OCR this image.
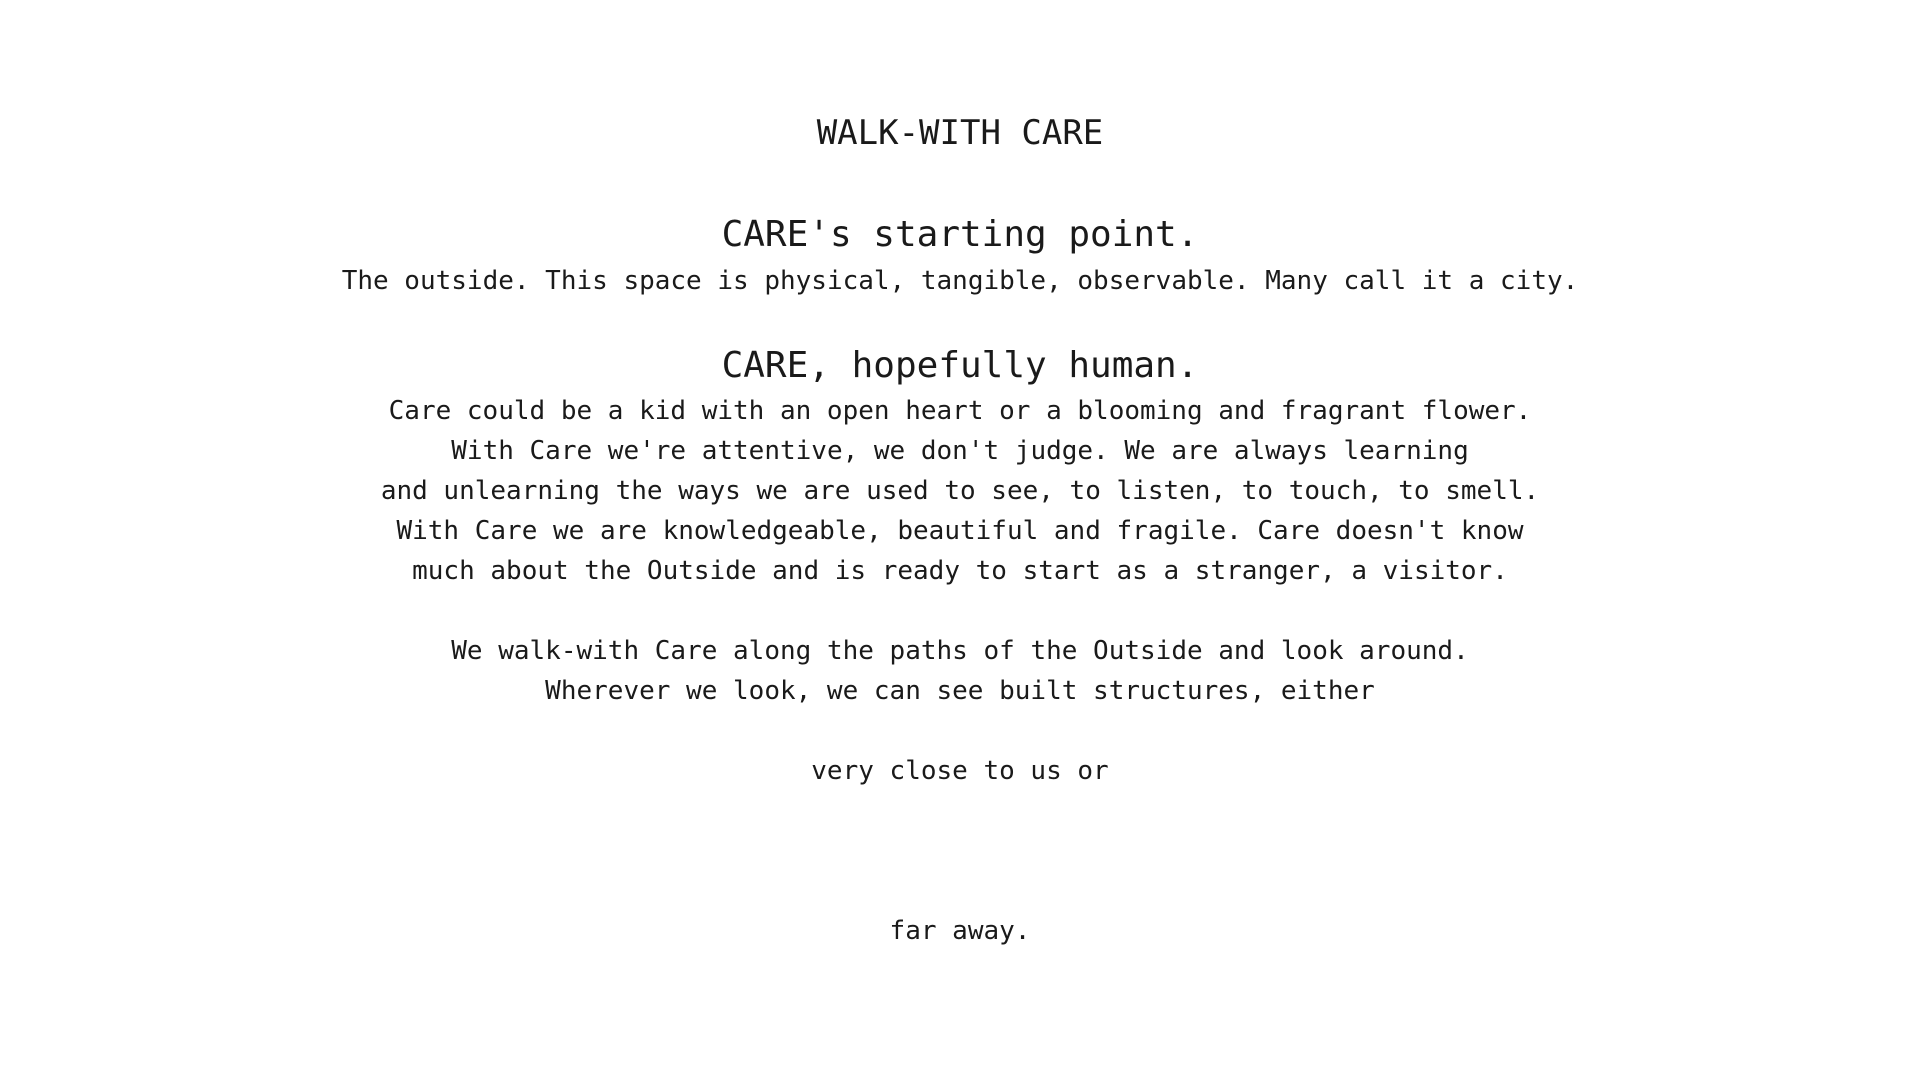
WALK-WITH CARE
CARE's starting point.
The outside. This space is physical, tangible, observable. Many call it a city.
CARE, hopefully human.
Care could be a kid with an open heart or a blooming and fragrant flower.
With Care we're attentive, we don't judge. We are always learning
and unlearning the ways we are used to see, to listen, to touch, to smell.
With Care we are knowledgeable, beautiful and fragile. Care doesn't know
much about the Outside and is ready to start as a stranger, a visitor.
We walk-with Care along the paths of the Outside and look around.
Wherever we look, we can see built structures, either
very close to us or
far away.
